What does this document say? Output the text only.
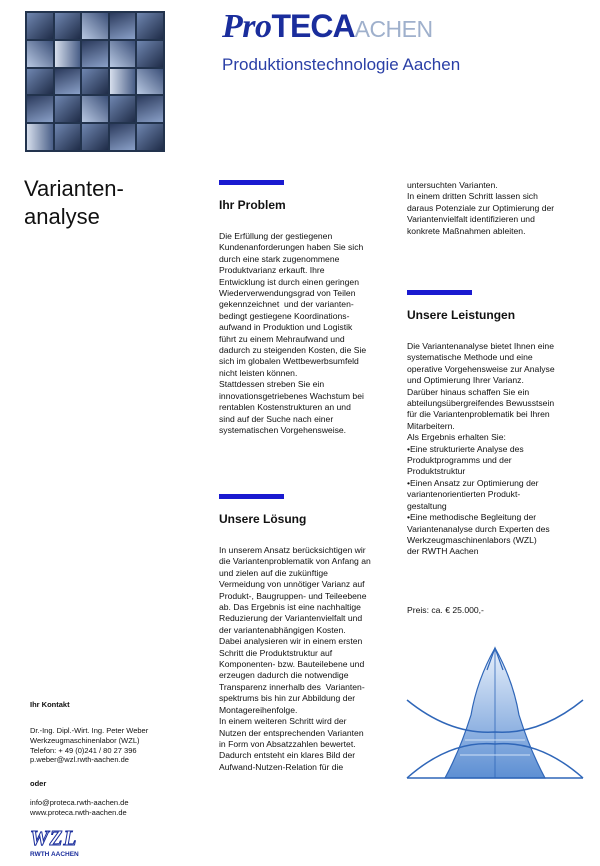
ProTECAACHEN
Produktionstechnologie Aachen
Varianten-
analyse	Ihr Problem
Die Erfüllung der gestiegenen
Kundenanforderungen haben Sie sich
durch eine stark zugenommene
Produktvarianz erkauft. Ihre
Entwicklung ist durch einen geringen
Wiederverwendungsgrad von Teilen
gekennzeichnet  und der varianten-
bedingt gestiegene Koordinations-
aufwand in Produktion und Logistik
führt zu einem Mehraufwand und
dadurch zu steigenden Kosten, die Sie
sich im globalen Wettbewerbsumfeld
nicht leisten können.
Stattdessen streben Sie ein
innovationsgetriebenes Wachstum bei
rentablen Kostenstrukturen an und
sind auf der Suche nach einer
systematischen Vorgehensweise.
Unsere Lösung
In unserem Ansatz berücksichtigen wir
die Variantenproblematik von Anfang an
und zielen auf die zukünftige
Vermeidung von unnötiger Varianz auf
Produkt-, Baugruppen- und Teileebene
ab. Das Ergebnis ist eine nachhaltige
Reduzierung der Variantenvielfalt und
der variantenabhängigen Kosten.
Dabei analysieren wir in einem ersten
Schritt die Produktstruktur auf
Komponenten- bzw. Bauteilebene und
erzeugen dadurch die notwendige
Transparenz innerhalb des  Varianten-
spektrums bis hin zur Abbildung der
Montagereihenfolge.
In einem weiteren Schritt wird der
Nutzen der entsprechenden Varianten
in Form von Absatzzahlen bewertet.
Dadurch entsteht ein klares Bild der
Aufwand-Nutzen-Relation für die
untersuchten Varianten.
In einem dritten Schritt lassen sich
daraus Potenziale zur Optimierung der
Variantenvielfalt identifizieren und
konkrete Maßnahmen ableiten.
Unsere Leistungen
Die Variantenanalyse bietet Ihnen eine
systematische Methode und eine
operative Vorgehensweise zur Analyse
und Optimierung Ihrer Varianz.
Darüber hinaus schaffen Sie ein
abteilungsübergreifendes Bewusstsein
für die Variantenproblematik bei Ihren
Mitarbeitern.
Als Ergebnis erhalten Sie:
•Eine strukturierte Analyse des
Produktprogramms und der
Produktstruktur
•Einen Ansatz zur Optimierung der
variantenorientierten Produkt-
gestaltung
•Eine methodische Begleitung der
Variantenanalyse durch Experten des
Werkzeugmaschinenlabors (WZL)
der RWTH Aachen
Preis: ca. € 25.000,-
Ihr Kontakt
Dr.-Ing. Dipl.-Wirt. Ing. Peter Weber
Werkzeugmaschinenlabor (WZL)
Telefon: + 49 (0)241 / 80 27 396
p.weber@wzl.rwth-aachen.de
oder
info@proteca.rwth-aachen.de
www.proteca.rwth-aachen.de
WZL
RWTH AACHEN
